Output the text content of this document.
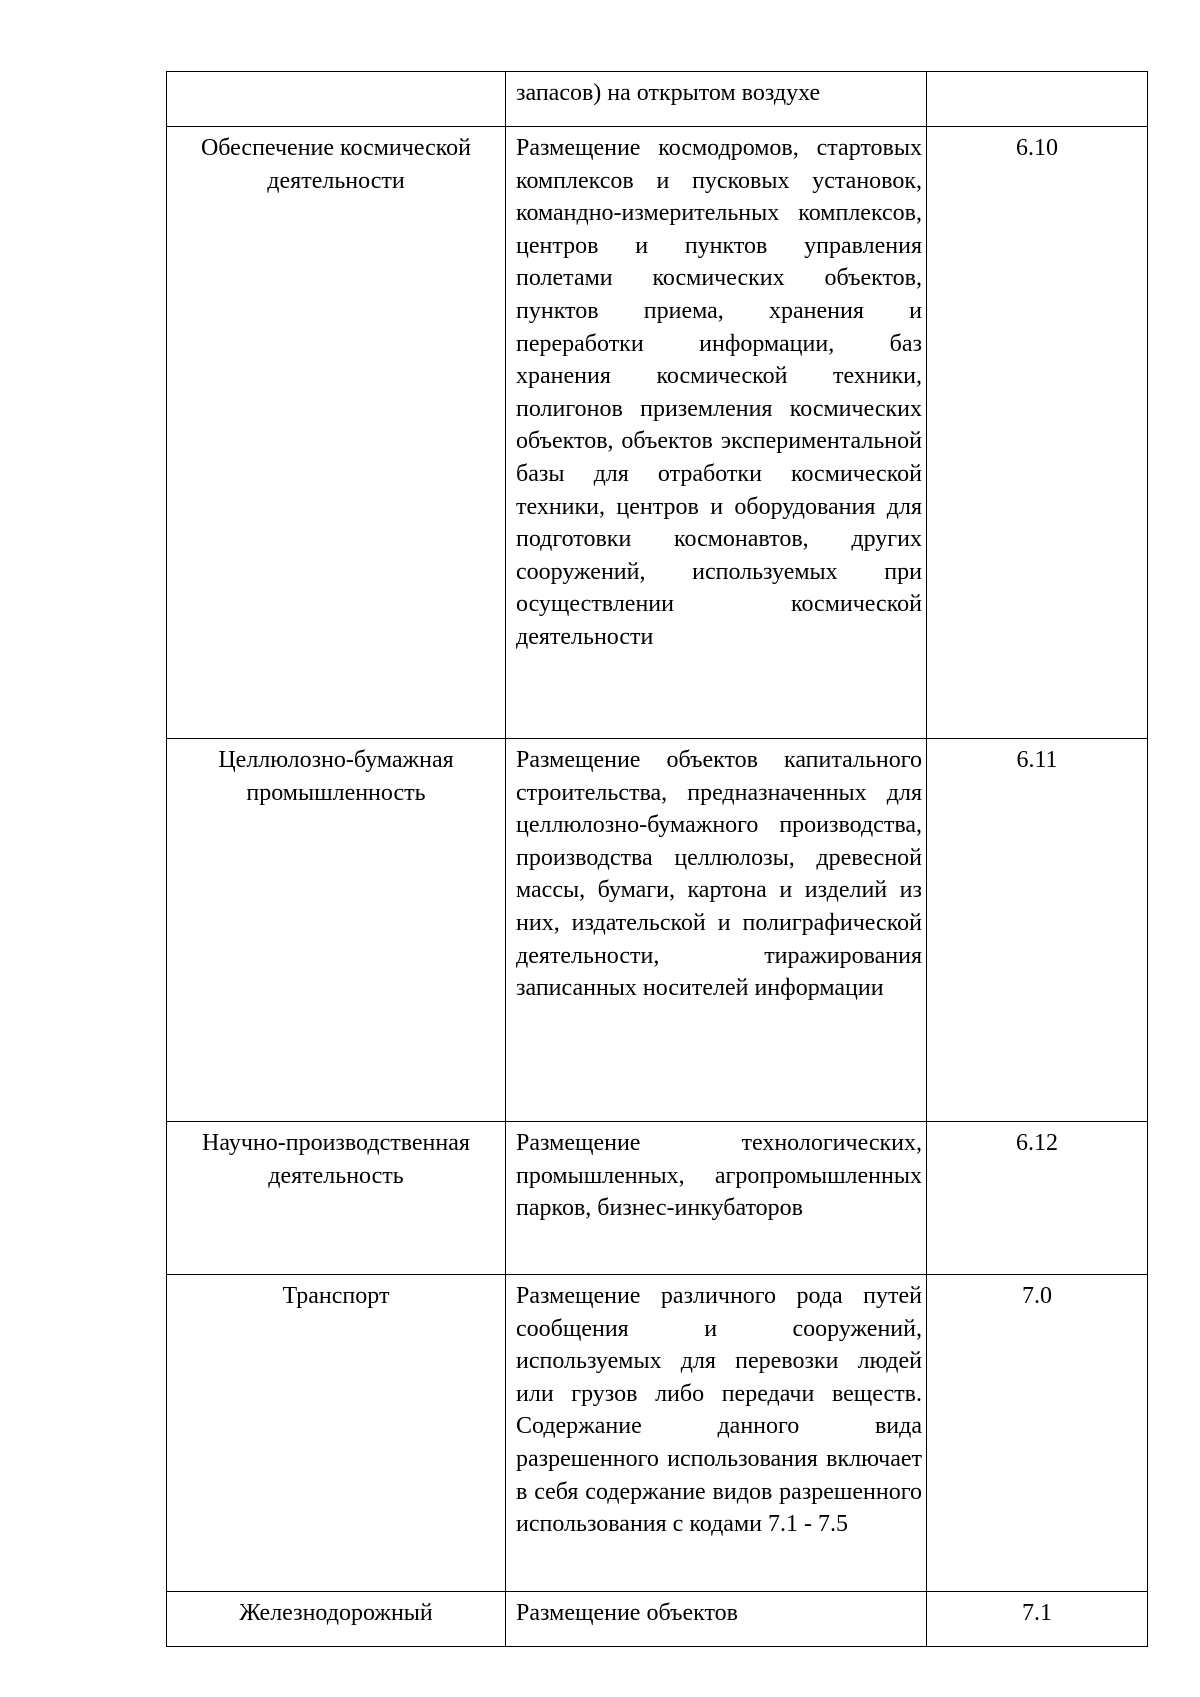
	запасов) на открытом воздухе	

Обеспечение космической деятельности	Размещение космодромов, стартовых комплексов и пусковых установок, командно-измерительных комплексов, центров и пунктов управления полетами космических объектов, пунктов приема, хранения и переработки информации, баз хранения космической техники, полигонов приземления космических объектов, объектов экспериментальной базы для отработки космической техники, центров и оборудования для подготовки космонавтов, других сооружений, используемых при осуществлении космической деятельности	6.10
Целлюлозно-бумажная промышленность	Размещение объектов капитального строительства, предназначенных для целлюлозно-бумажного производства, производства целлюлозы, древесной массы, бумаги, картона и изделий из них, издательской и полиграфической деятельности, тиражирования записанных носителей информации	6.11
Научно-производственная деятельность	Размещение технологических, промышленных, агропромышленных парков, бизнес-инкубаторов	6.12
Транспорт	Размещение различного рода путей сообщения и сооружений, используемых для перевозки людей или грузов либо передачи веществ. Содержание данного вида разрешенного использования включает в себя содержание видов разрешенного использования с кодами 7.1 - 7.5	7.0
Железнодорожный	Размещение объектов	7.1
